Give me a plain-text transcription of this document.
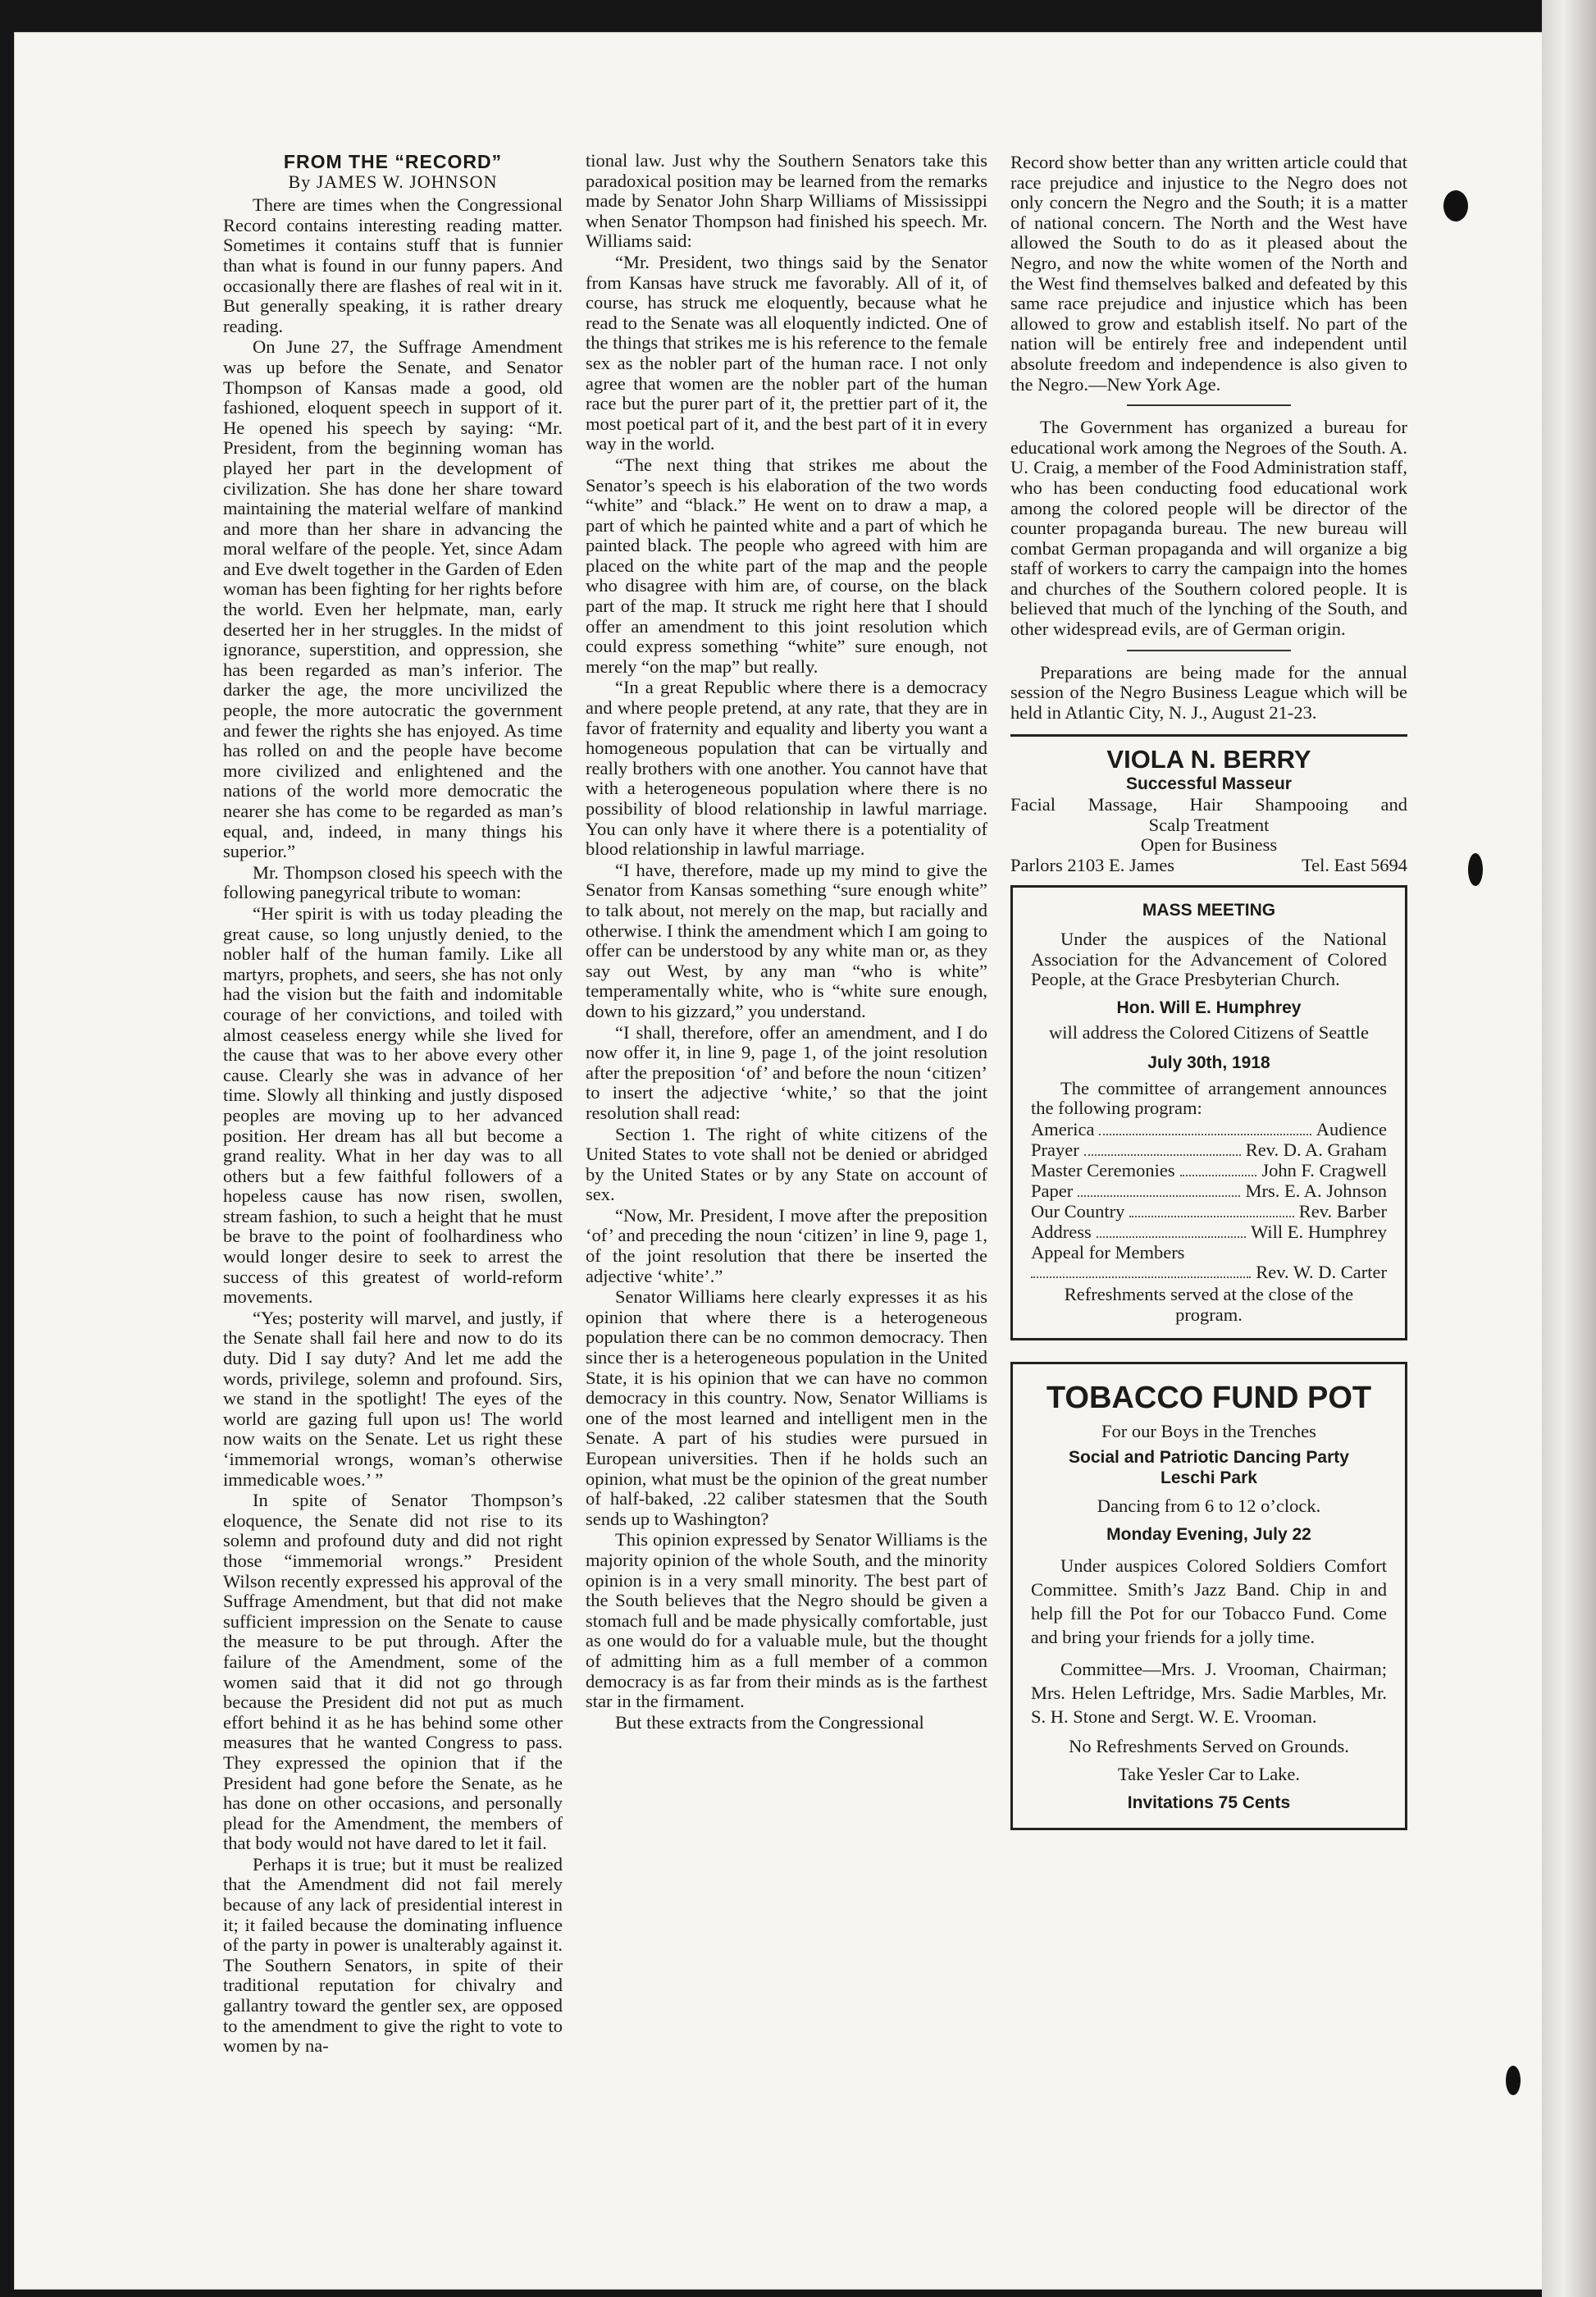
FROM THE “RECORD”
By JAMES W. JOHNSON

There are times when the Congressional Record contains interesting reading matter. Sometimes it contains stuff that is funnier than what is found in our funny papers. And occasionally there are flashes of real wit in it. But generally speaking, it is rather dreary reading.

On June 27, the Suffrage Amendment was up before the Senate, and Senator Thompson of Kansas made a good, old fashioned, eloquent speech in support of it. He opened his speech by saying: “Mr. President, from the beginning woman has played her part in the development of civilization. She has done her share toward maintaining the material welfare of mankind and more than her share in advancing the moral welfare of the people. Yet, since Adam and Eve dwelt together in the Garden of Eden woman has been fighting for her rights before the world. Even her helpmate, man, early deserted her in her struggles. In the midst of ignorance, superstition, and oppression, she has been regarded as man’s inferior. The darker the age, the more uncivilized the people, the more autocratic the government and fewer the rights she has enjoyed. As time has rolled on and the people have become more civilized and enlightened and the nations of the world more democratic the nearer she has come to be regarded as man’s equal, and, indeed, in many things his superior.”

Mr. Thompson closed his speech with the following panegyrical tribute to woman:

“Her spirit is with us today pleading the great cause, so long unjustly denied, to the nobler half of the human family. Like all martyrs, prophets, and seers, she has not only had the vision but the faith and indomitable courage of her convictions, and toiled with almost ceaseless energy while she lived for the cause that was to her above every other cause. Clearly she was in advance of her time. Slowly all thinking and justly disposed peoples are moving up to her advanced position. Her dream has all but become a grand reality. What in her day was to all others but a few faithful followers of a hopeless cause has now risen, swollen, stream fashion, to such a height that he must be brave to the point of foolhardiness who would longer desire to seek to arrest the success of this greatest of world-reform movements.

“Yes; posterity will marvel, and justly, if the Senate shall fail here and now to do its duty. Did I say duty? And let me add the words, privilege, solemn and profound. Sirs, we stand in the spotlight! The eyes of the world are gazing full upon us! The world now waits on the Senate. Let us right these ‘immemorial wrongs, woman’s otherwise immedicable woes.’ ”

In spite of Senator Thompson’s eloquence, the Senate did not rise to its solemn and profound duty and did not right those “immemorial wrongs.” President Wilson recently expressed his approval of the Suffrage Amendment, but that did not make sufficient impression on the Senate to cause the measure to be put through. After the failure of the Amendment, some of the women said that it did not go through because the President did not put as much effort behind it as he has behind some other measures that he wanted Congress to pass. They expressed the opinion that if the President had gone before the Senate, as he has done on other occasions, and personally plead for the Amendment, the members of that body would not have dared to let it fail.

Perhaps it is true; but it must be realized that the Amendment did not fail merely because of any lack of presidential interest in it; it failed because the dominating influence of the party in power is unalterably against it. The Southern Senators, in spite of their traditional reputation for chivalry and gallantry toward the gentler sex, are opposed to the amendment to give the right to vote to women by na-

tional law. Just why the Southern Senators take this paradoxical position may be learned from the remarks made by Senator John Sharp Williams of Mississippi when Senator Thompson had finished his speech. Mr. Williams said:

“Mr. President, two things said by the Senator from Kansas have struck me favorably. All of it, of course, has struck me eloquently, because what he read to the Senate was all eloquently indicted. One of the things that strikes me is his reference to the female sex as the nobler part of the human race. I not only agree that women are the nobler part of the human race but the purer part of it, the prettier part of it, the most poetical part of it, and the best part of it in every way in the world.

“The next thing that strikes me about the Senator’s speech is his elaboration of the two words “white” and “black.” He went on to draw a map, a part of which he painted white and a part of which he painted black. The people who agreed with him are placed on the white part of the map and the people who disagree with him are, of course, on the black part of the map. It struck me right here that I should offer an amendment to this joint resolution which could express something “white” sure enough, not merely “on the map” but really.

“In a great Republic where there is a democracy and where people pretend, at any rate, that they are in favor of fraternity and equality and liberty you want a homogeneous population that can be virtually and really brothers with one another. You cannot have that with a heterogeneous population where there is no possibility of blood relationship in lawful marriage. You can only have it where there is a potentiality of blood relationship in lawful marriage.

“I have, therefore, made up my mind to give the Senator from Kansas something “sure enough white” to talk about, not merely on the map, but racially and otherwise. I think the amendment which I am going to offer can be understood by any white man or, as they say out West, by any man “who is white” temperamentally white, who is “white sure enough, down to his gizzard,” you understand.

“I shall, therefore, offer an amendment, and I do now offer it, in line 9, page 1, of the joint resolution after the preposition ‘of’ and before the noun ‘citizen’ to insert the adjective ‘white,’ so that the joint resolution shall read:

Section 1. The right of white citizens of the United States to vote shall not be denied or abridged by the United States or by any State on account of sex.

“Now, Mr. President, I move after the preposition ‘of’ and preceding the noun ‘citizen’ in line 9, page 1, of the joint resolution that there be inserted the adjective ‘white’.”

Senator Williams here clearly expresses it as his opinion that where there is a heterogeneous population there can be no common democracy. Then since ther is a heterogeneous population in the United State, it is his opinion that we can have no common democracy in this country. Now, Senator Williams is one of the most learned and intelligent men in the Senate. A part of his studies were pursued in European universities. Then if he holds such an opinion, what must be the opinion of the great number of half-baked, .22 caliber statesmen that the South sends up to Washington?

This opinion expressed by Senator Williams is the majority opinion of the whole South, and the minority opinion is in a very small minority. The best part of the South believes that the Negro should be given a stomach full and be made physically comfortable, just as one would do for a valuable mule, but the thought of admitting him as a full member of a common democracy is as far from their minds as is the farthest star in the firmament.

But these extracts from the Congressional

Record show better than any written article could that race prejudice and injustice to the Negro does not only concern the Negro and the South; it is a matter of national concern. The North and the West have allowed the South to do as it pleased about the Negro, and now the white women of the North and the West find themselves balked and defeated by this same race prejudice and injustice which has been allowed to grow and establish itself. No part of the nation will be entirely free and independent until absolute freedom and independence is also given to the Negro.—New York Age.

The Government has organized a bureau for educational work among the Negroes of the South. A. U. Craig, a member of the Food Administration staff, who has been conducting food educational work among the colored people will be director of the counter propaganda bureau. The new bureau will combat German propaganda and will organize a big staff of workers to carry the campaign into the homes and churches of the Southern colored people. It is believed that much of the lynching of the South, and other widespread evils, are of German origin.

Preparations are being made for the annual session of the Negro Business League which will be held in Atlantic City, N. J., August 21-23.

VIOLA N. BERRY
Successful Masseur
Facial Massage, Hair Shampooing and
Scalp Treatment
Open for Business
Parlors 2103 E. James	Tel. East 5694
MASS MEETING

Under the auspices of the National Association for the Advancement of Colored People, at the Grace Presbyterian Church.

Hon. Will E. Humphrey
will address the Colored Citizens of Seattle
July 30th, 1918

The committee of arrangement announces the following program:

America	Audience
Prayer	Rev. D. A. Graham
Master Ceremonies	John F. Cragwell
Paper	Mrs. E. A. Johnson
Our Country	Rev. Barber
Address	Will E. Humphrey
Appeal for Members
Rev. W. D. Carter

Refreshments served at the close of the program.

TOBACCO FUND POT
For our Boys in the Trenches
Social and Patriotic Dancing Party
Leschi Park
Dancing from 6 to 12 o’clock.
Monday Evening, July 22

Under auspices Colored Soldiers Comfort Committee. Smith’s Jazz Band. Chip in and help fill the Pot for our Tobacco Fund. Come and bring your friends for a jolly time.

Committee—Mrs. J. Vrooman, Chairman; Mrs. Helen Leftridge, Mrs. Sadie Marbles, Mr. S. H. Stone and Sergt. W. E. Vrooman.

No Refreshments Served on Grounds.
Take Yesler Car to Lake.
Invitations 75 Cents
